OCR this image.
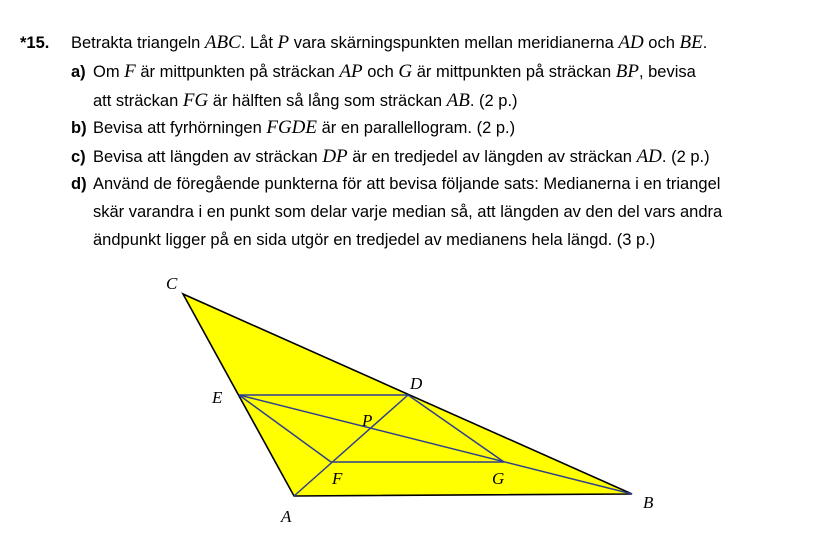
*15. Betrakta triangeln ABC. Låt P vara skärningspunkten mellan meridianerna AD och BE.
a) Om F är mittpunkten på sträckan AP och G är mittpunkten på sträckan BP, bevisa
att sträckan FG är hälften så lång som sträckan AB. (2 p.)
b) Bevisa att fyrhörningen FGDE är en parallellogram. (2 p.)
c) Bevisa att längden av sträckan DP är en tredjedel av längden av sträckan AD. (2 p.)
d) Använd de föregående punkterna för att bevisa följande sats: Medianerna i en triangel
skär varandra i en punkt som delar varje median så, att längden av den del vars andra
ändpunkt ligger på en sida utgör en tredjedel av medianens hela längd. (3 p.)
C
E
D
P
F	G
A
B
